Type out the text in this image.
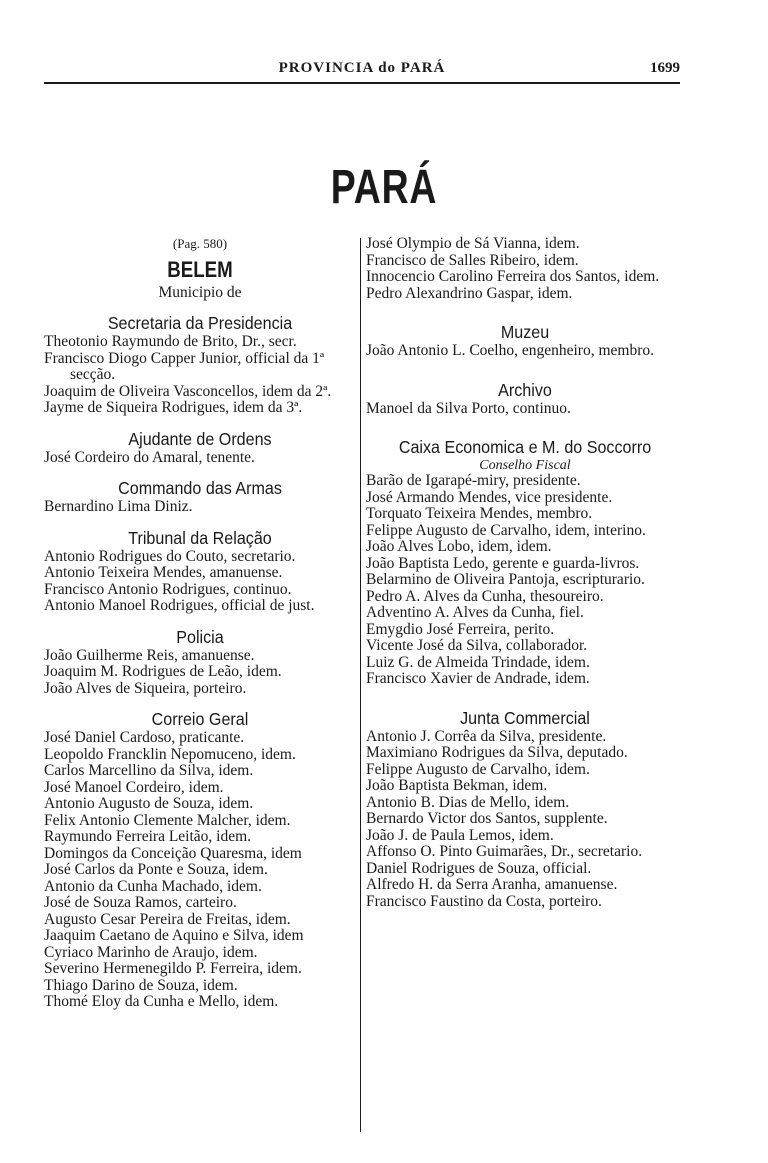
PROVINCIA do PARÁ	1699
PARÁ
(Pag. 580)
BELEM
Municipio de
Secretaria da Presidencia
Theotonio Raymundo de Brito, Dr., secr.
Francisco Diogo Capper Junior, official da 1ª secção.
Joaquim de Oliveira Vasconcellos, idem da 2ª.
Jayme de Siqueira Rodrigues, idem da 3ª.
Ajudante de Ordens
José Cordeiro do Amaral, tenente.
Commando das Armas
Bernardino Lima Diniz.
Tribunal da Relação
Antonio Rodrigues do Couto, secretario.
Antonio Teixeira Mendes, amanuense.
Francisco Antonio Rodrigues, continuo.
Antonio Manoel Rodrigues, official de just.
Policia
João Guilherme Reis, amanuense.
Joaquim M. Rodrigues de Leão, idem.
João Alves de Siqueira, porteiro.
Correio Geral
José Daniel Cardoso, praticante.
Leopoldo Francklin Nepomuceno, idem.
Carlos Marcellino da Silva, idem.
José Manoel Cordeiro, idem.
Antonio Augusto de Souza, idem.
Felix Antonio Clemente Malcher, idem.
Raymundo Ferreira Leitão, idem.
Domingos da Conceição Quaresma, idem
José Carlos da Ponte e Souza, idem.
Antonio da Cunha Machado, idem.
José de Souza Ramos, carteiro.
Augusto Cesar Pereira de Freitas, idem.
Jaaquim Caetano de Aquino e Silva, idem
Cyriaco Marinho de Araujo, idem.
Severino Hermenegildo P. Ferreira, idem.
Thiago Darino de Souza, idem.
Thomé Eloy da Cunha e Mello, idem.
José Olympio de Sá Vianna, idem.
Francisco de Salles Ribeiro, idem.
Innocencio Carolino Ferreira dos Santos, idem.
Pedro Alexandrino Gaspar, idem.
Muzeu
João Antonio L. Coelho, engenheiro, membro.
Archivo
Manoel da Silva Porto, continuo.
Caixa Economica e M. do Soccorro
Conselho Fiscal
Barão de Igarapé-miry, presidente.
José Armando Mendes, vice presidente.
Torquato Teixeira Mendes, membro.
Felippe Augusto de Carvalho, idem, interino.
João Alves Lobo, idem, idem.
João Baptista Ledo, gerente e guarda-livros.
Belarmino de Oliveira Pantoja, escripturario.
Pedro A. Alves da Cunha, thesoureiro.
Adventino A. Alves da Cunha, fiel.
Emygdio José Ferreira, perito.
Vicente José da Silva, collaborador.
Luiz G. de Almeida Trindade, idem.
Francisco Xavier de Andrade, idem.
Junta Commercial
Antonio J. Corrêa da Silva, presidente.
Maximiano Rodrigues da Silva, deputado.
Felippe Augusto de Carvalho, idem.
João Baptista Bekman, idem.
Antonio B. Dias de Mello, idem.
Bernardo Victor dos Santos, supplente.
João J. de Paula Lemos, idem.
Affonso O. Pinto Guimarães, Dr., secretario.
Daniel Rodrigues de Souza, official.
Alfredo H. da Serra Aranha, amanuense.
Francisco Faustino da Costa, porteiro.
